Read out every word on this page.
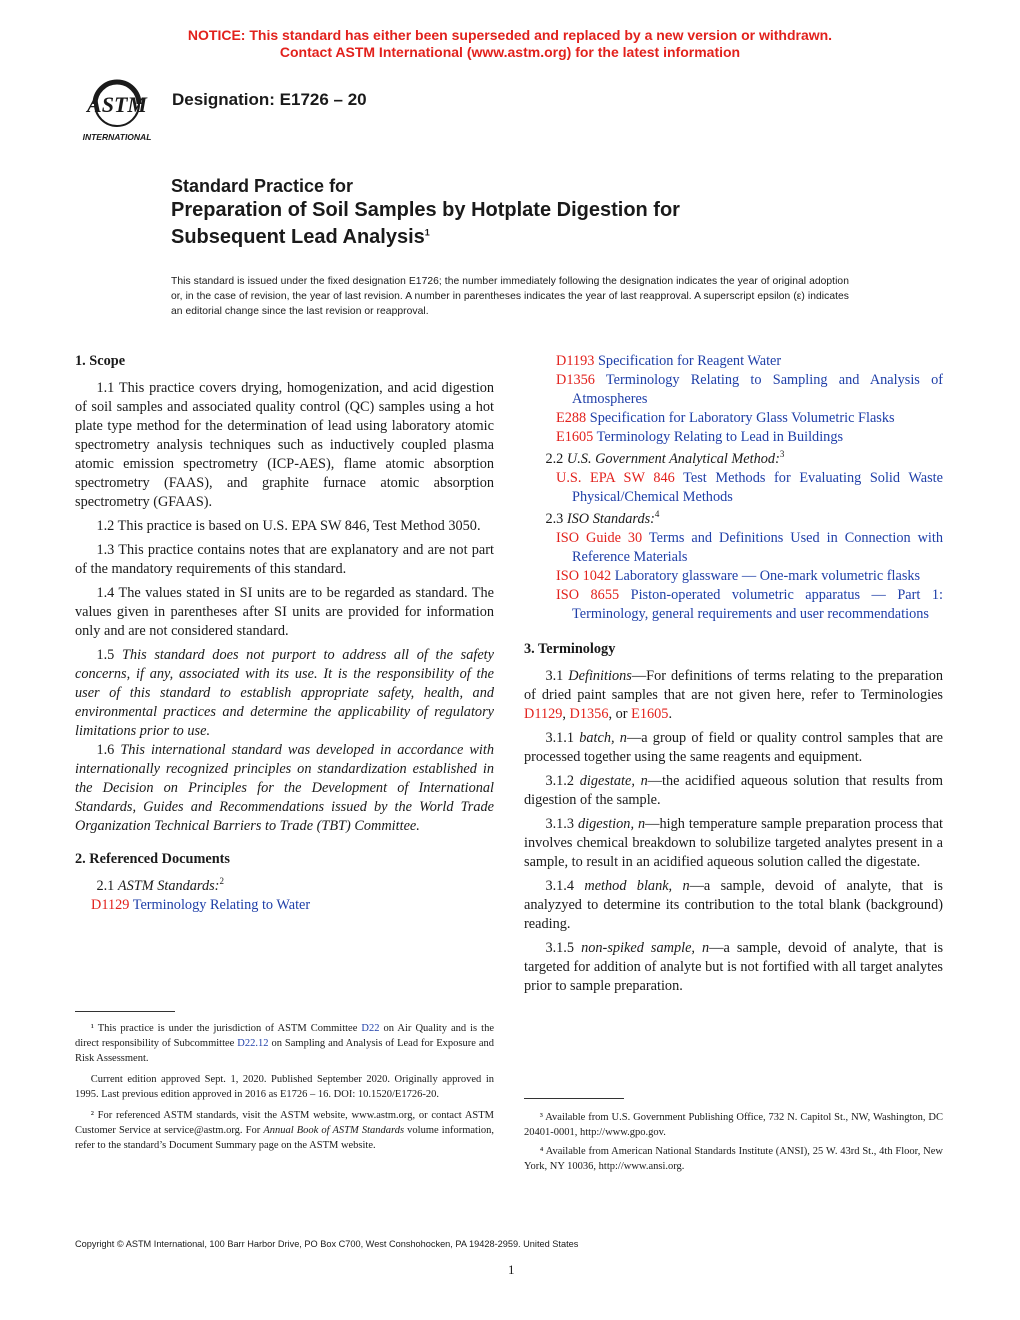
NOTICE: This standard has either been superseded and replaced by a new version or withdrawn.
Contact ASTM International (www.astm.org) for the latest information
ASTM
INTERNATIONAL
Designation: E1726 – 20
Standard Practice for
Preparation of Soil Samples by Hotplate Digestion for
Subsequent Lead Analysis$^1$
This standard is issued under the fixed designation E1726; the number immediately following the designation indicates the year of original adoption or, in the case of revision, the year of last revision. A number in parentheses indicates the year of last reapproval. A superscript epsilon (ε) indicates an editorial change since the last revision or reapproval.
1. Scope

1.1 This practice covers drying, homogenization, and acid digestion of soil samples and associated quality control (QC) samples using a hot plate type method for the determination of lead using laboratory atomic spectrometry analysis techniques such as inductively coupled plasma atomic emission spectrometry (ICP-AES), flame atomic absorption spectrometry (FAAS), and graphite furnace atomic absorption spectrometry (GFAAS).

1.2 This practice is based on U.S. EPA SW 846, Test Method 3050.

1.3 This practice contains notes that are explanatory and are not part of the mandatory requirements of this standard.

1.4 The values stated in SI units are to be regarded as standard. The values given in parentheses after SI units are provided for information only and are not considered standard.

1.5 This standard does not purport to address all of the safety concerns, if any, associated with its use. It is the responsibility of the user of this standard to establish appropriate safety, health, and environmental practices and determine the applicability of regulatory limitations prior to use.

1.6 This international standard was developed in accordance with internationally recognized principles on standardization established in the Decision on Principles for the Development of International Standards, Guides and Recommendations issued by the World Trade Organization Technical Barriers to Trade (TBT) Committee.

2. Referenced Documents

2.1 ASTM Standards:$^2$

D1129 Terminology Relating to Water

¹ This practice is under the jurisdiction of ASTM Committee D22 on Air Quality and is the direct responsibility of Subcommittee D22.12 on Sampling and Analysis of Lead for Exposure and Risk Assessment.

Current edition approved Sept. 1, 2020. Published September 2020. Originally approved in 1995. Last previous edition approved in 2016 as E1726 – 16. DOI: 10.1520/E1726-20.

² For referenced ASTM standards, visit the ASTM website, www.astm.org, or contact ASTM Customer Service at service@astm.org. For Annual Book of ASTM Standards volume information, refer to the standard’s Document Summary page on the ASTM website.

D1193 Specification for Reagent Water

D1356 Terminology Relating to Sampling and Analysis of Atmospheres

E288 Specification for Laboratory Glass Volumetric Flasks

E1605 Terminology Relating to Lead in Buildings

2.2 U.S. Government Analytical Method:$^3$

U.S. EPA SW 846 Test Methods for Evaluating Solid Waste Physical/Chemical Methods

2.3 ISO Standards:$^4$

ISO Guide 30 Terms and Definitions Used in Connection with Reference Materials

ISO 1042 Laboratory glassware — One-mark volumetric flasks

ISO 8655 Piston-operated volumetric apparatus — Part 1: Terminology, general requirements and user recommendations

3. Terminology

3.1 Definitions—For definitions of terms relating to the preparation of dried paint samples that are not given here, refer to Terminologies D1129, D1356, or E1605.

3.1.1 batch, n—a group of field or quality control samples that are processed together using the same reagents and equipment.

3.1.2 digestate, n—the acidified aqueous solution that results from digestion of the sample.

3.1.3 digestion, n—high temperature sample preparation process that involves chemical breakdown to solubilize targeted analytes present in a sample, to result in an acidified aqueous solution called the digestate.

3.1.4 method blank, n—a sample, devoid of analyte, that is analyzyed to determine its contribution to the total blank (background) reading.

3.1.5 non-spiked sample, n—a sample, devoid of analyte, that is targeted for addition of analyte but is not fortified with all target analytes prior to sample preparation.

³ Available from U.S. Government Publishing Office, 732 N. Capitol St., NW, Washington, DC 20401-0001, http://www.gpo.gov.

⁴ Available from American National Standards Institute (ANSI), 25 W. 43rd St., 4th Floor, New York, NY 10036, http://www.ansi.org.

Copyright © ASTM International, 100 Barr Harbor Drive, PO Box C700, West Conshohocken, PA 19428-2959. United States
1
